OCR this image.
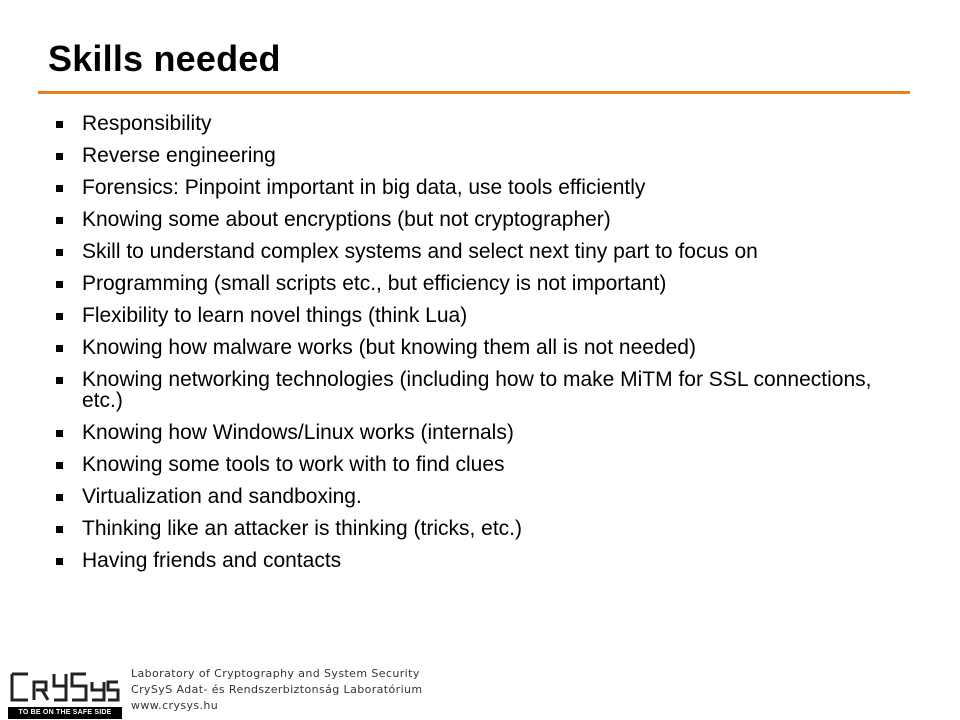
Skills needed
Responsibility
Reverse engineering
Forensics: Pinpoint important in big data, use tools efficiently
Knowing some about encryptions (but not cryptographer)
Skill to understand complex systems and select next tiny part to focus on
Programming (small scripts etc., but efficiency is not important)
Flexibility to learn novel things (think Lua)
Knowing how malware works (but knowing them all is not needed)
Knowing networking technologies (including how to make MiTM for SSL connections, etc.)
Knowing how Windows/Linux works (internals)
Knowing some tools to work with to find clues
Virtualization and sandboxing.
Thinking like an attacker is thinking (tricks, etc.)
Having friends and contacts
TO BE ON THE SAFE SIDE
Laboratory of Cryptography and System Security
CrySyS Adat- és Rendszerbiztonság Laboratórium
www.crysys.hu
